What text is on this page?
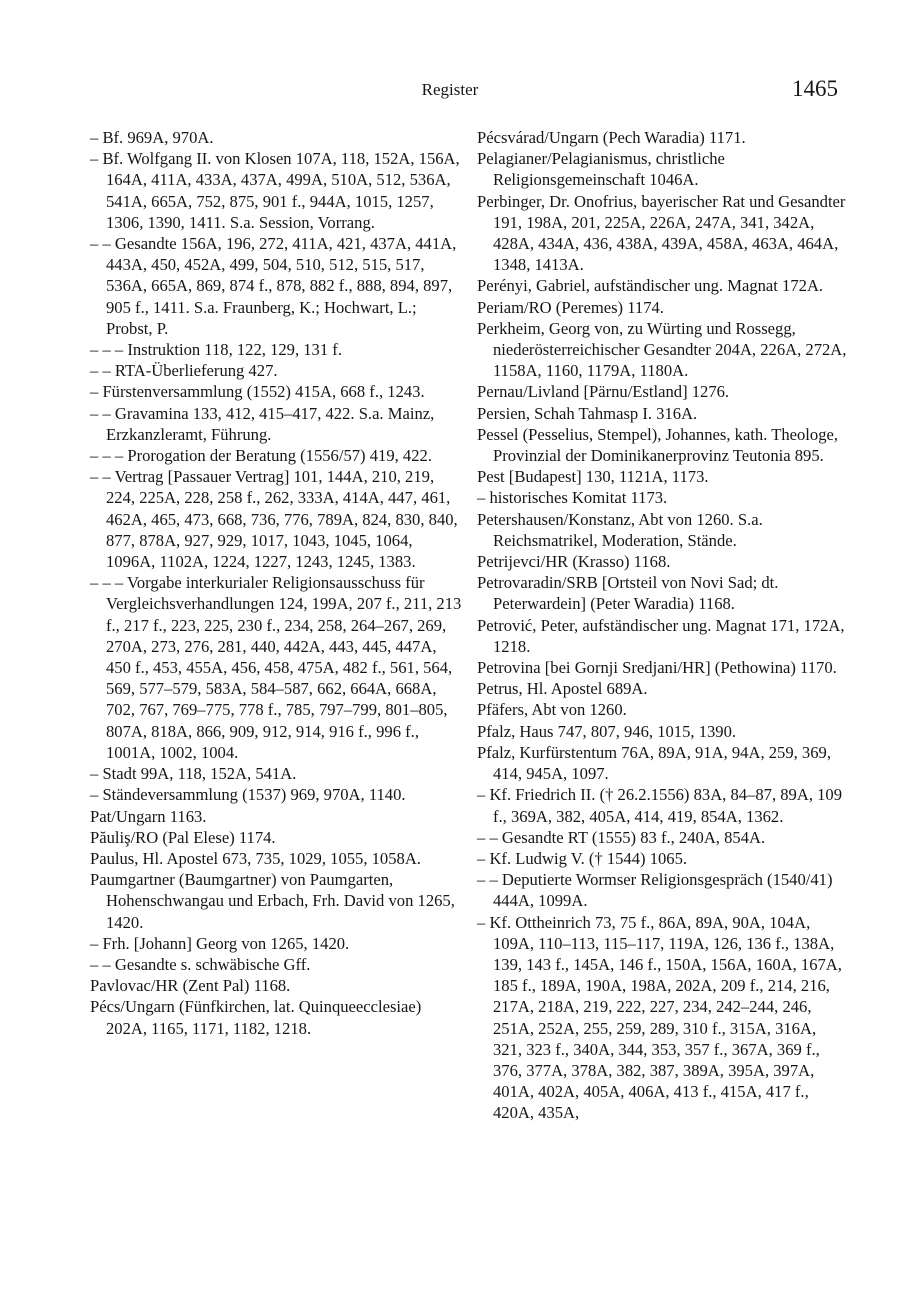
Register	1465

– Bf. 969A, 970A.

– Bf. Wolfgang II. von Klosen 107A, 118, 152A, 156A, 164A, 411A, 433A, 437A, 499A, 510A, 512, 536A, 541A, 665A, 752, 875, 901 f., 944A, 1015, 1257, 1306, 1390, 1411. S.a. Session, Vorrang.

– – Gesandte 156A, 196, 272, 411A, 421, 437A, 441A, 443A, 450, 452A, 499, 504, 510, 512, 515, 517, 536A, 665A, 869, 874 f., 878, 882 f., 888, 894, 897, 905 f., 1411. S.a. Fraunberg, K.; Hochwart, L.; Probst, P.

– – – Instruktion 118, 122, 129, 131 f.

– – RTA-Überlieferung 427.

– Fürstenversammlung (1552) 415A, 668 f., 1243.

– – Gravamina 133, 412, 415–417, 422. S.a. Mainz, Erzkanzleramt, Führung.

– – – Prorogation der Beratung (1556/57) 419, 422.

– – Vertrag [Passauer Vertrag] 101, 144A, 210, 219, 224, 225A, 228, 258 f., 262, 333A, 414A, 447, 461, 462A, 465, 473, 668, 736, 776, 789A, 824, 830, 840, 877, 878A, 927, 929, 1017, 1043, 1045, 1064, 1096A, 1102A, 1224, 1227, 1243, 1245, 1383.

– – – Vorgabe interkurialer Religionsausschuss für Vergleichsverhandlungen 124, 199A, 207 f., 211, 213 f., 217 f., 223, 225, 230 f., 234, 258, 264–267, 269, 270A, 273, 276, 281, 440, 442A, 443, 445, 447A, 450 f., 453, 455A, 456, 458, 475A, 482 f., 561, 564, 569, 577–579, 583A, 584–587, 662, 664A, 668A, 702, 767, 769–775, 778 f., 785, 797–799, 801–805, 807A, 818A, 866, 909, 912, 914, 916 f., 996 f., 1001A, 1002, 1004.

– Stadt 99A, 118, 152A, 541A.

– Ständeversammlung (1537) 969, 970A, 1140.

Pat/Ungarn 1163.

Păuliş/RO (Pal Elese) 1174.

Paulus, Hl. Apostel 673, 735, 1029, 1055, 1058A.

Paumgartner (Baumgartner) von Paumgarten, Hohenschwangau und Erbach, Frh. David von 1265, 1420.

– Frh. [Johann] Georg von 1265, 1420.

– – Gesandte s. schwäbische Gff.

Pavlovac/HR (Zent Pal) 1168.

Pécs/Ungarn (Fünfkirchen, lat. Quinqueecclesiae) 202A, 1165, 1171, 1182, 1218.

Pécsvárad/Ungarn (Pech Waradia) 1171.

Pelagianer/Pelagianismus, christliche Religionsgemeinschaft 1046A.

Perbinger, Dr. Onofrius, bayerischer Rat und Gesandter 191, 198A, 201, 225A, 226A, 247A, 341, 342A, 428A, 434A, 436, 438A, 439A, 458A, 463A, 464A, 1348, 1413A.

Perényi, Gabriel, aufständischer ung. Magnat 172A.

Periam/RO (Peremes) 1174.

Perkheim, Georg von, zu Würting und Rossegg, niederösterreichischer Gesandter 204A, 226A, 272A, 1158A, 1160, 1179A, 1180A.

Pernau/Livland [Pärnu/Estland] 1276.

Persien, Schah Tahmasp I. 316A.

Pessel (Pesselius, Stempel), Johannes, kath. Theologe, Provinzial der Dominikanerprovinz Teutonia 895.

Pest [Budapest] 130, 1121A, 1173.

– historisches Komitat 1173.

Petershausen/Konstanz, Abt von 1260. S.a. Reichsmatrikel, Moderation, Stände.

Petrijevci/HR (Krasso) 1168.

Petrovaradin/SRB [Ortsteil von Novi Sad; dt. Peterwardein] (Peter Waradia) 1168.

Petrović, Peter, aufständischer ung. Magnat 171, 172A, 1218.

Petrovina [bei Gornji Sredjani/HR] (Pethowina) 1170.

Petrus, Hl. Apostel 689A.

Pfäfers, Abt von 1260.

Pfalz, Haus 747, 807, 946, 1015, 1390.

Pfalz, Kurfürstentum 76A, 89A, 91A, 94A, 259, 369, 414, 945A, 1097.

– Kf. Friedrich II. († 26.2.1556) 83A, 84–87, 89A, 109 f., 369A, 382, 405A, 414, 419, 854A, 1362.

– – Gesandte RT (1555) 83 f., 240A, 854A.

– Kf. Ludwig V. († 1544) 1065.

– – Deputierte Wormser Religionsgespräch (1540/41) 444A, 1099A.

– Kf. Ottheinrich 73, 75 f., 86A, 89A, 90A, 104A, 109A, 110–113, 115–117, 119A, 126, 136 f., 138A, 139, 143 f., 145A, 146 f., 150A, 156A, 160A, 167A, 185 f., 189A, 190A, 198A, 202A, 209 f., 214, 216, 217A, 218A, 219, 222, 227, 234, 242–244, 246, 251A, 252A, 255, 259, 289, 310 f., 315A, 316A, 321, 323 f., 340A, 344, 353, 357 f., 367A, 369 f., 376, 377A, 378A, 382, 387, 389A, 395A, 397A, 401A, 402A, 405A, 406A, 413 f., 415A, 417 f., 420A, 435A,
